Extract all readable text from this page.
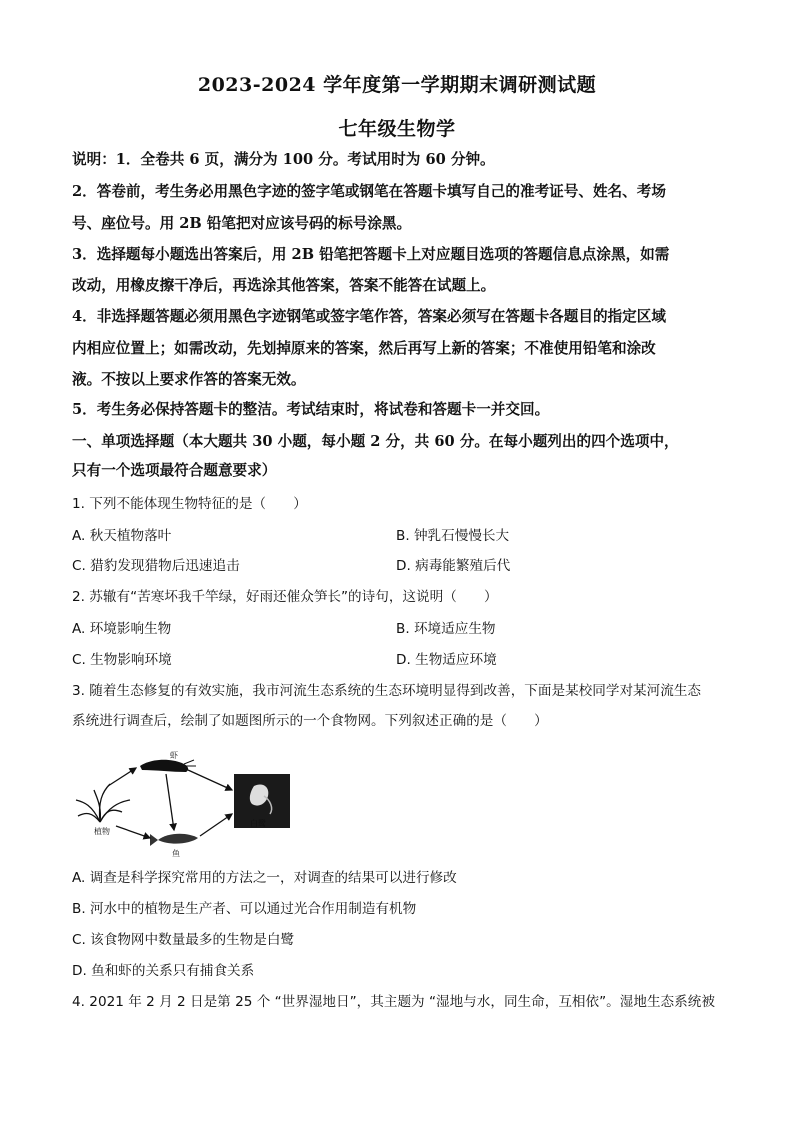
2023-2024 学年度第一学期期末调研测试题
七年级生物学
说明：1．全卷共 6 页，满分为 100 分。考试用时为 60 分钟。
2．答卷前，考生务必用黑色字迹的签字笔或钢笔在答题卡填写自己的准考证号、姓名、考场
号、座位号。用 2B 铅笔把对应该号码的标号涂黑。
3．选择题每小题选出答案后，用 2B 铅笔把答题卡上对应题目选项的答题信息点涂黑，如需
改动，用橡皮擦干净后，再选涂其他答案，答案不能答在试题上。
4．非选择题答题必须用黑色字迹钢笔或签字笔作答，答案必须写在答题卡各题目的指定区域
内相应位置上；如需改动，先划掉原来的答案，然后再写上新的答案；不准使用铅笔和涂改
液。不按以上要求作答的答案无效。
5．考生务必保持答题卡的整洁。考试结束时，将试卷和答题卡一并交回。
一、单项选择题（本大题共 30 小题，每小题 2 分，共 60 分。在每小题列出的四个选项中，
只有一个选项最符合题意要求）
1. 下列不能体现生物特征的是（　　）
A. 秋天植物落叶	B. 钟乳石慢慢长大
C. 猎豹发现猎物后迅速追击	D. 病毒能繁殖后代
2. 苏辙有“苦寒坏我千竿绿，好雨还催众笋长”的诗句，这说明（　　）
A. 环境影响生物	B. 环境适应生物
C. 生物影响环境	D. 生物适应环境
3. 随着生态修复的有效实施，我市河流生态系统的生态环境明显得到改善，下面是某校同学对某河流生态
系统进行调查后，绘制了如题图所示的一个食物网。下列叙述正确的是（　　）
植物
虾
鱼
白鹭
A. 调查是科学探究常用的方法之一，对调查的结果可以进行修改
B. 河水中的植物是生产者、可以通过光合作用制造有机物
C. 该食物网中数量最多的生物是白鹭
D. 鱼和虾的关系只有捕食关系
4. 2021 年 2 月 2 日是第 25 个 “世界湿地日”，其主题为 “湿地与水，同生命，互相依”。湿地生态系统被
